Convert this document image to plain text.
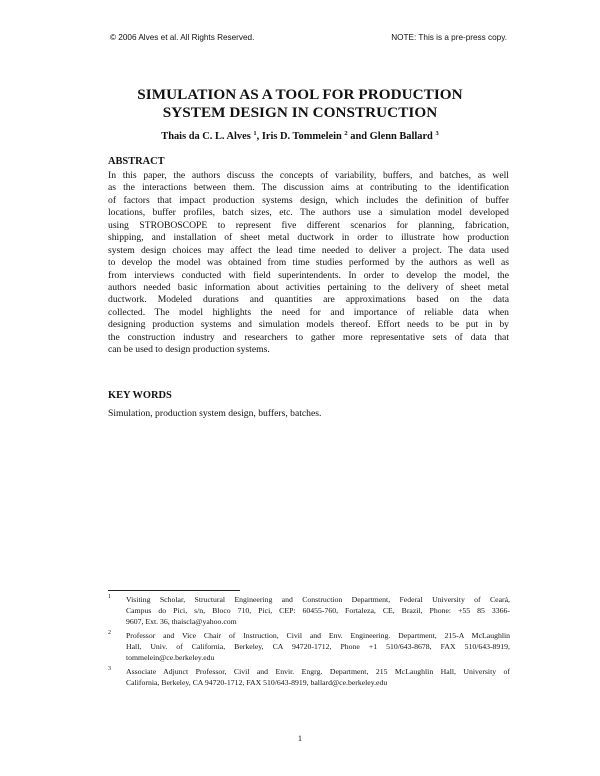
© 2006 Alves et al. All Rights Reserved.	NOTE: This is a pre-press copy.
SIMULATION AS A TOOL FOR PRODUCTION
SYSTEM DESIGN IN CONSTRUCTION
Thais da C. L. Alves $^1$, Iris D. Tommelein $^2$ and Glenn Ballard $^3$
ABSTRACT
In this paper, the authors discuss the concepts of variability, buffers, and batches, as well
as the interactions between them. The discussion aims at contributing to the identification
of factors that impact production systems design, which includes the definition of buffer
locations, buffer profiles, batch sizes, etc. The authors use a simulation model developed
using STROBOSCOPE to represent five different scenarios for planning, fabrication,
shipping, and installation of sheet metal ductwork in order to illustrate how production
system design choices may affect the lead time needed to deliver a project. The data used
to develop the model was obtained from time studies performed by the authors as well as
from interviews conducted with field superintendents. In order to develop the model, the
authors needed basic information about activities pertaining to the delivery of sheet metal
ductwork. Modeled durations and quantities are approximations based on the data
collected. The model highlights the need for and importance of reliable data when
designing production systems and simulation models thereof. Effort needs to be put in by
the construction industry and researchers to gather more representative sets of data that
can be used to design production systems.
KEY WORDS
Simulation, production system design, buffers, batches.
1 Visiting Scholar, Structural Engineering and Construction Department, Federal University of Ceará,
Campus do Pici, s/n, Bloco 710, Pici, CEP: 60455-760, Fortaleza, CE, Brazil, Phone: +55 85 3366-
9607, Ext. 36, thaiscla@yahoo.com
2 Professor and Vice Chair of Instruction, Civil and Env. Engineering. Department, 215-A McLaughlin
Hall, Univ. of California, Berkeley, CA 94720-1712, Phone +1 510/643-8678, FAX 510/643-8919,
tommelein@ce.berkeley.edu
3 Associate Adjunct Professor, Civil and Envir. Engrg. Department, 215 McLaughlin Hall, University of
California, Berkeley, CA 94720-1712, FAX 510/643-8919, ballard@ce.berkeley.edu
1
